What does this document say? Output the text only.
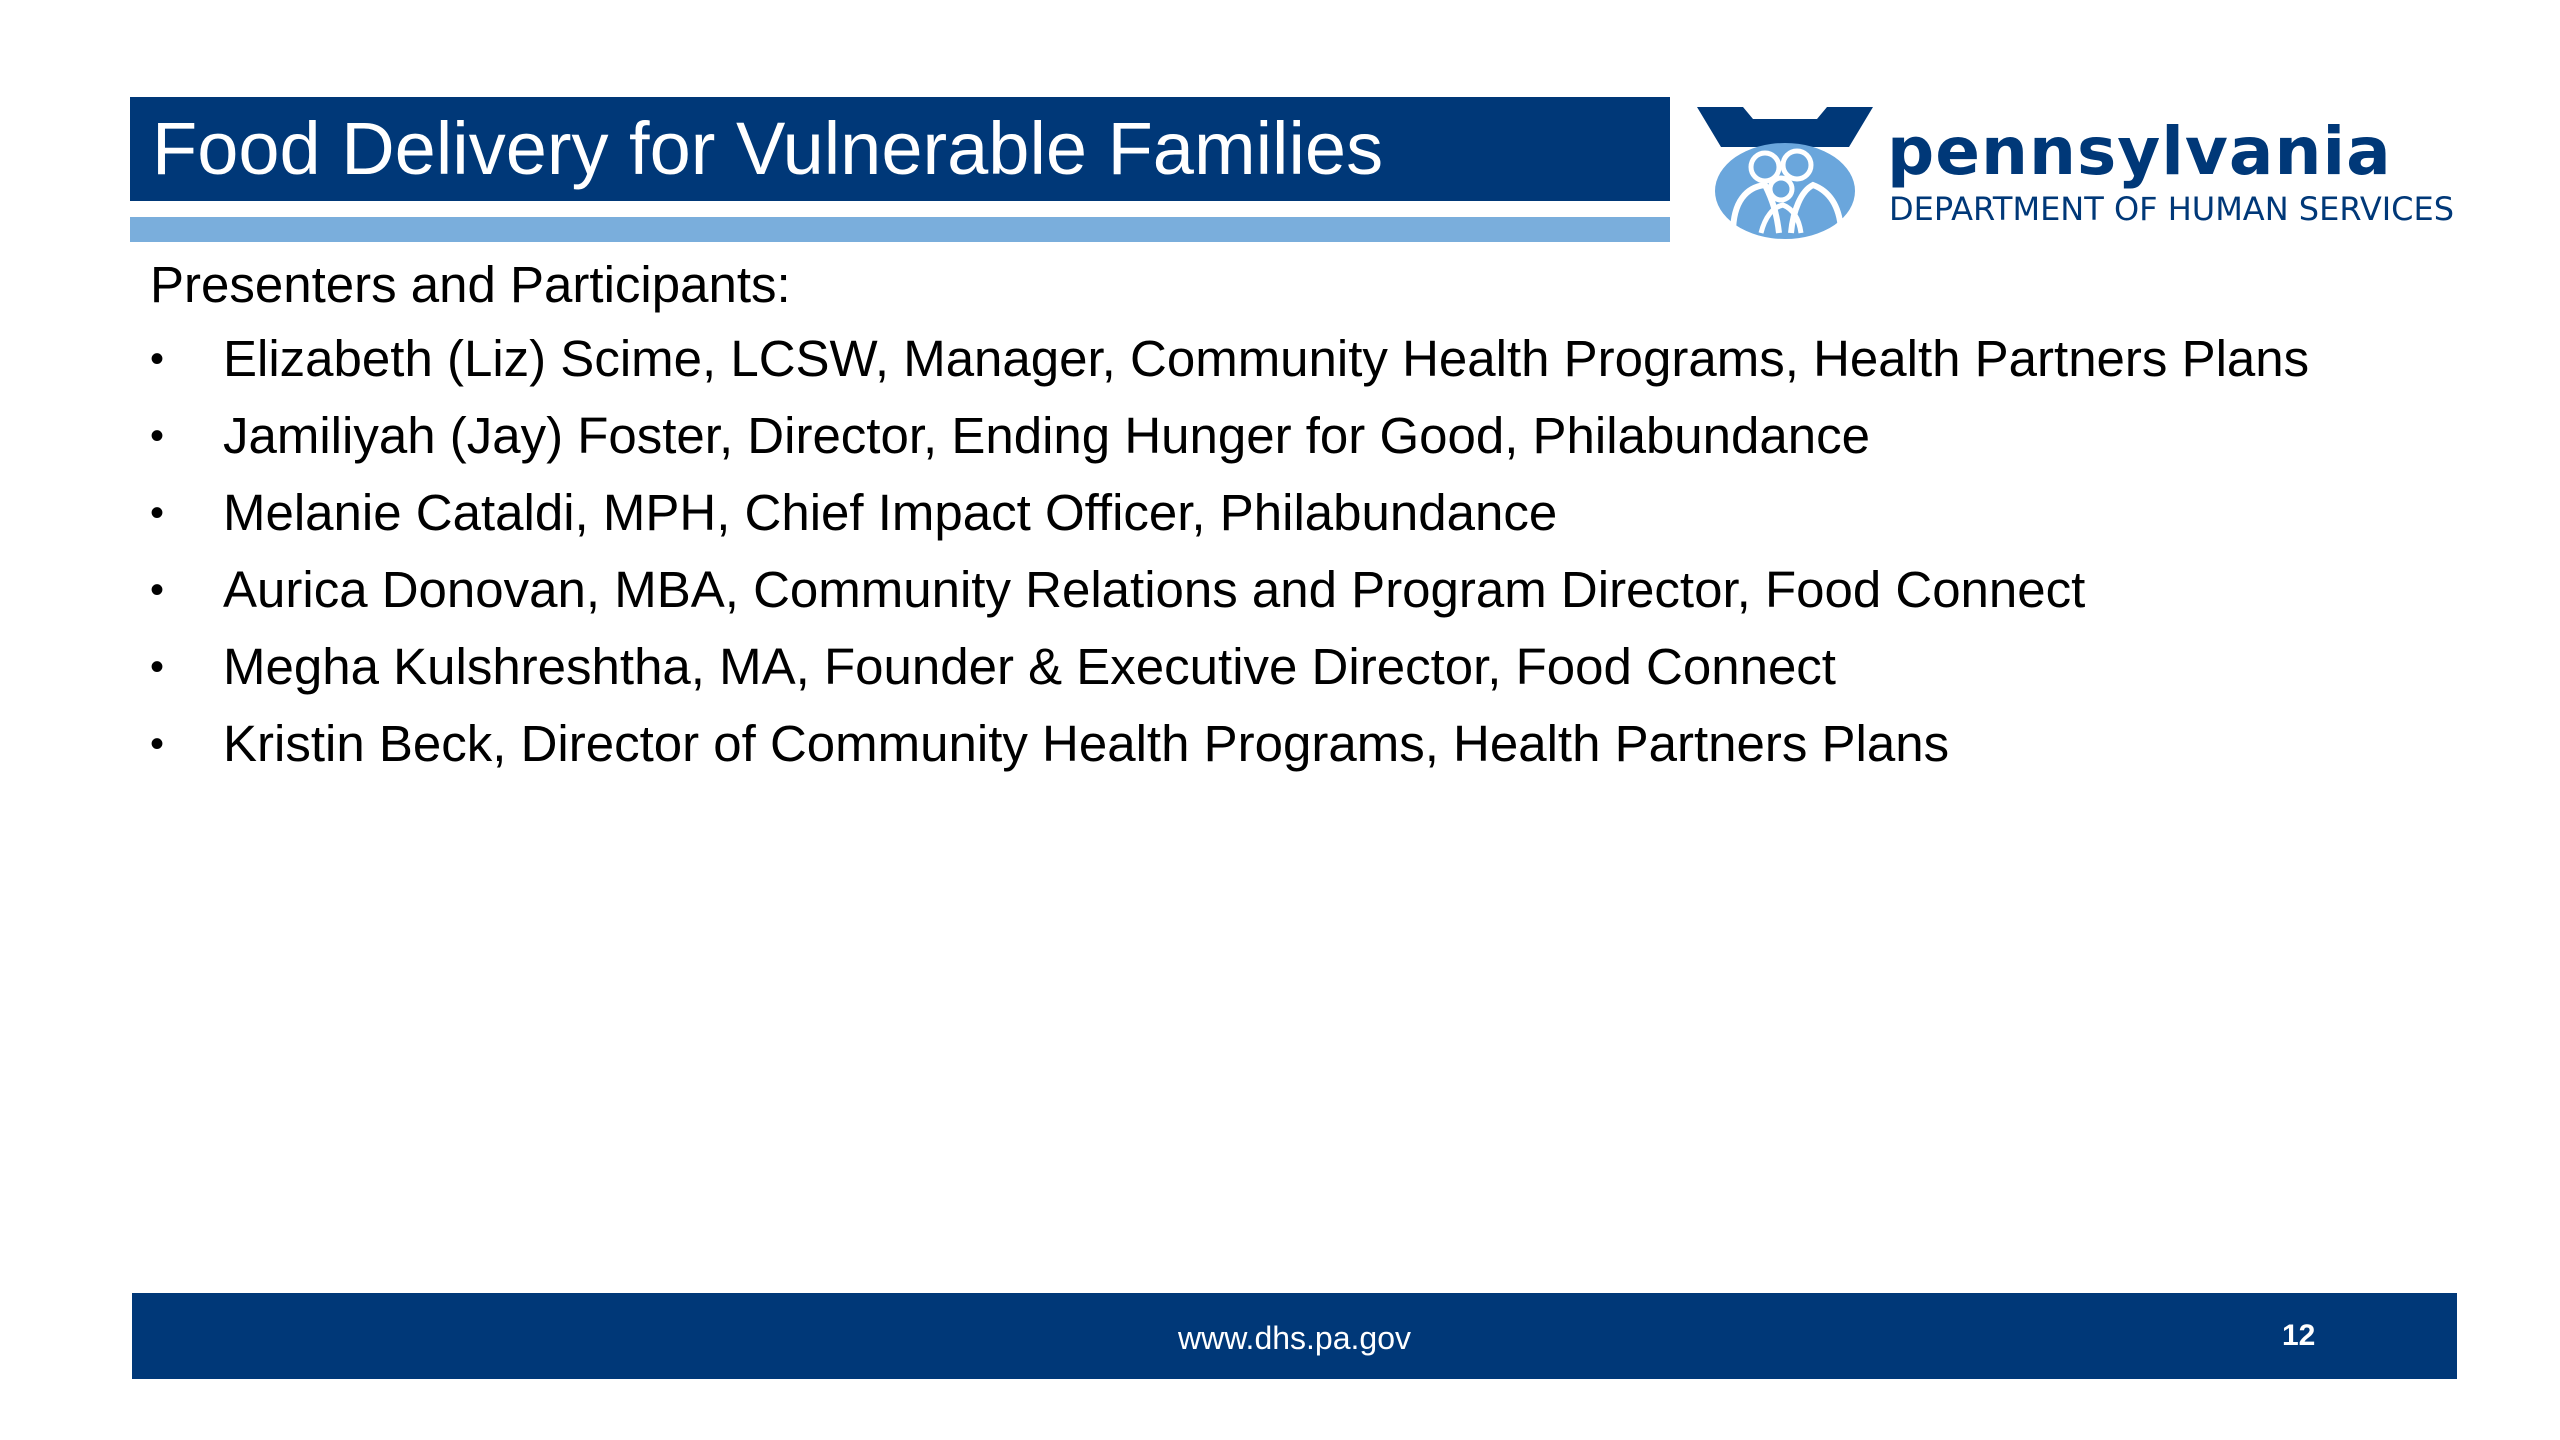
Food Delivery for Vulnerable Families	pennsylvania
DEPARTMENT OF HUMAN SERVICES
Presenters and Participants:
•	Elizabeth (Liz) Scime, LCSW, Manager, Community Health Programs, Health Partners Plans
•	Jamiliyah (Jay) Foster, Director, Ending Hunger for Good, Philabundance
•	Melanie Cataldi, MPH, Chief Impact Officer, Philabundance
•	Aurica Donovan, MBA, Community Relations and Program Director, Food Connect
•	Megha Kulshreshtha, MA, Founder & Executive Director, Food Connect
•	Kristin Beck, Director of Community Health Programs, Health Partners Plans
www.dhs.pa.gov	12
